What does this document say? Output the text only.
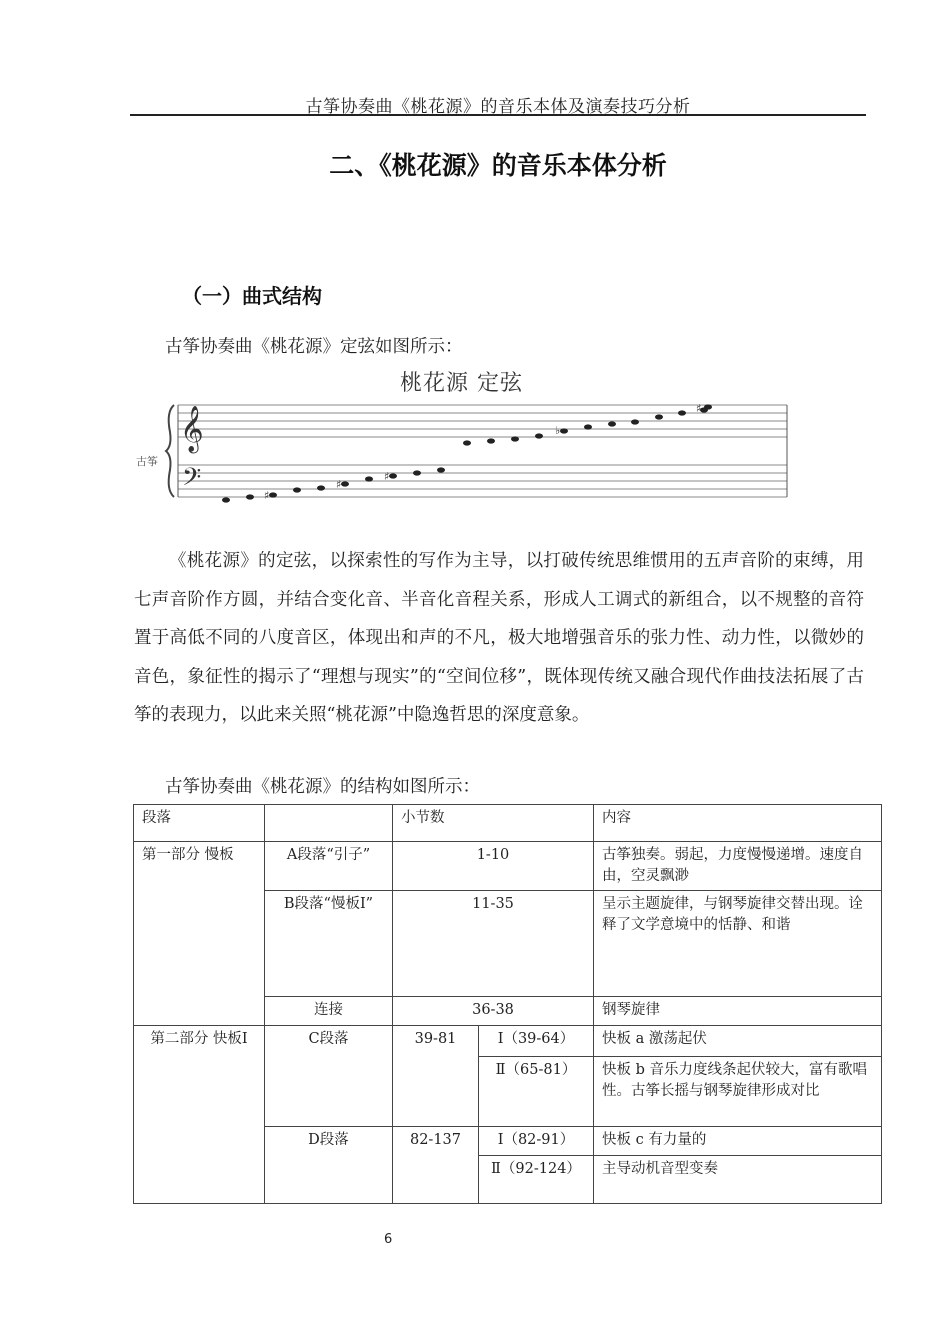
古筝协奏曲《桃花源》的音乐本体及演奏技巧分析
二、《桃花源》的音乐本体分析
（一）曲式结构
古筝协奏曲《桃花源》定弦如图所示：
桃花源 定弦
𝄞
𝄢
古筝
♯
♯
♯
♭
♯
《桃花源》的定弦，以探索性的写作为主导，以打破传统思维惯用的五声音阶的束缚，用七声音阶作方圆，并结合变化音、半音化音程关系，形成人工调式的新组合，以不规整的音符置于高低不同的八度音区，体现出和声的不凡，极大地增强音乐的张力性、动力性，以微妙的音色，象征性的揭示了“理想与现实”的“空间位移”，既体现传统又融合现代作曲技法拓展了古筝的表现力，以此来关照“桃花源”中隐逸哲思的深度意象。
古筝协奏曲《桃花源》的结构如图所示：
段落		小节数		内容
第一部分 慢板	A段落“引子”	1-10		古筝独奏。弱起，力度慢慢递增。速度自由，空灵飘渺
	B段落“慢板Ⅰ”	11-35		呈示主题旋律，与钢琴旋律交替出现。诠释了文学意境中的恬静、和谐
	连接	36-38		钢琴旋律
第二部分 快板Ⅰ	C段落	39-81	Ⅰ（39-64）	快板 a 激荡起伏
			Ⅱ（65-81）	快板 b 音乐力度线条起伏较大，富有歌唱性。古筝长摇与钢琴旋律形成对比
	D段落	82-137	Ⅰ（82-91）	快板 c 有力量的
			Ⅱ（92-124）	主导动机音型变奏
6
